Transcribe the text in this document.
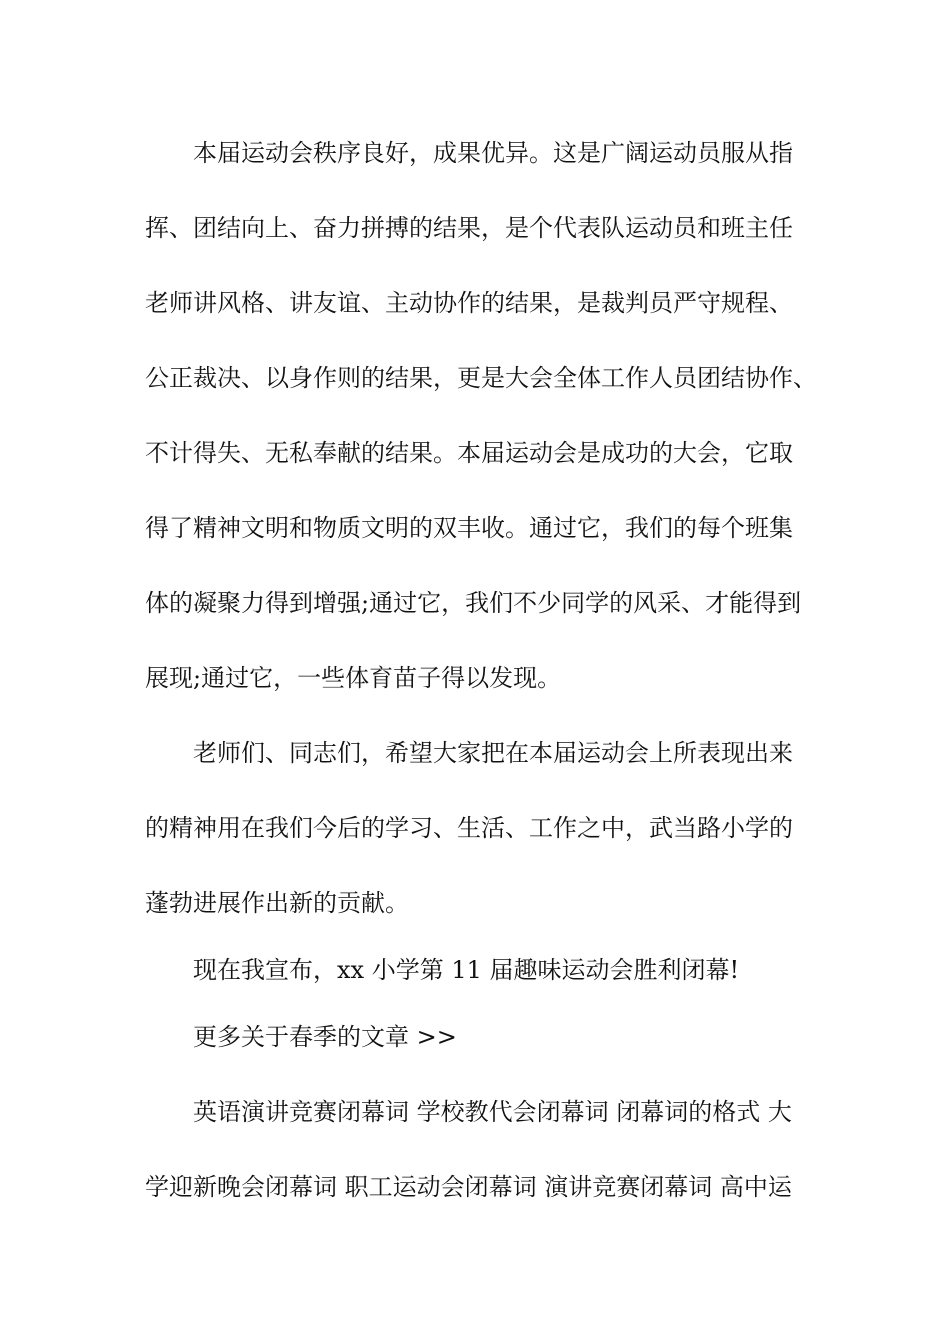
本届运动会秩序良好，成果优异。这是广阔运动员服从指
挥、团结向上、奋力拼搏的结果，是个代表队运动员和班主任
老师讲风格、讲友谊、主动协作的结果，是裁判员严守规程、
公正裁决、以身作则的结果，更是大会全体工作人员团结协作、
不计得失、无私奉献的结果。本届运动会是成功的大会，它取
得了精神文明和物质文明的双丰收。通过它，我们的每个班集
体的凝聚力得到增强;通过它，我们不少同学的风采、才能得到
展现;通过它，一些体育苗子得以发现。
老师们、同志们，希望大家把在本届运动会上所表现出来
的精神用在我们今后的学习、生活、工作之中，武当路小学的
蓬勃进展作出新的贡献。
现在我宣布，xx 小学第 11 届趣味运动会胜利闭幕!
更多关于春季的文章 >>
英语演讲竞赛闭幕词 学校教代会闭幕词 闭幕词的格式 大
学迎新晚会闭幕词 职工运动会闭幕词 演讲竞赛闭幕词 高中运
